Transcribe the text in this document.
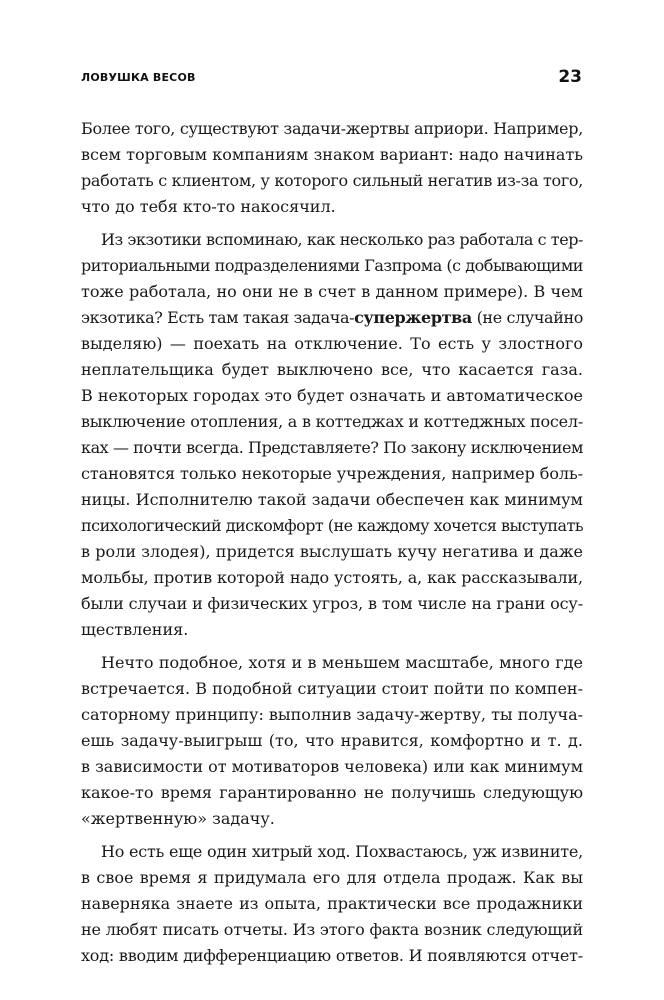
ЛОВУШКА ВЕСОВ	23
Более того, существуют задачи-жертвы априори. Например,
всем торговым компаниям знаком вариант: надо начинать
работать с клиентом, у которого сильный негатив из-за того,
что до тебя кто-то накосячил.
Из экзотики вспоминаю, как несколько раз работала с тер-
риториальными подразделениями Газпрома (с добывающими
тоже работала, но они не в счет в данном примере). В чем
экзотика? Есть там такая задача-супержертва (не случайно
выделяю) — поехать на отключение. То есть у злостного
неплательщика будет выключено все, что касается газа.
В некоторых городах это будет означать и автоматическое
выключение отопления, а в коттеджах и коттеджных посел-
ках — почти всегда. Представляете? По закону исключением
становятся только некоторые учреждения, например боль-
ницы. Исполнителю такой задачи обеспечен как минимум
психологический дискомфорт (не каждому хочется выступать
в роли злодея), придется выслушать кучу негатива и даже
мольбы, против которой надо устоять, а, как рассказывали,
были случаи и физических угроз, в том числе на грани осу-
ществления.
Нечто подобное, хотя и в меньшем масштабе, много где
встречается. В подобной ситуации стоит пойти по компен-
саторному принципу: выполнив задачу-жертву, ты получа-
ешь задачу-выигрыш (то, что нравится, комфортно и т. д.
в зависимости от мотиваторов человека) или как минимум
какое-то время гарантированно не получишь следующую
«жертвенную» задачу.
Но есть еще один хитрый ход. Похвастаюсь, уж извините,
в свое время я придумала его для отдела продаж. Как вы
наверняка знаете из опыта, практически все продажники
не любят писать отчеты. Из этого факта возник следующий
ход: вводим дифференциацию ответов. И появляются отчет-
